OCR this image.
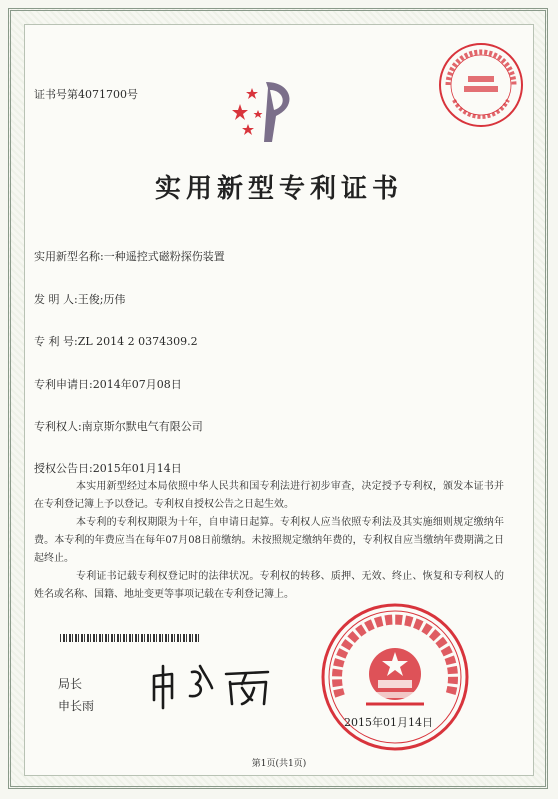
证书号第4071700号
实用新型专利证书
实用新型名称:一种遥控式磁粉探伤装置
发 明 人:王俊;历伟
专 利 号:ZL 2014 2 0374309.2
专利申请日:2014年07月08日
专利权人:南京斯尔默电气有限公司
授权公告日:2015年01月14日
本实用新型经过本局依照中华人民共和国专利法进行初步审查，决定授予专利权，颁发本证书并在专利登记簿上予以登记。专利权自授权公告之日起生效。
本专利的专利权期限为十年，自申请日起算。专利权人应当依照专利法及其实施细则规定缴纳年费。本专利的年费应当在每年07月08日前缴纳。未按照规定缴纳年费的，专利权自应当缴纳年费期满之日起终止。
专利证书记载专利权登记时的法律状况。专利权的转移、质押、无效、终止、恢复和专利权人的姓名或名称、国籍、地址变更等事项记载在专利登记簿上。
局长
申长雨
2015年01月14日
第1页(共1页)
